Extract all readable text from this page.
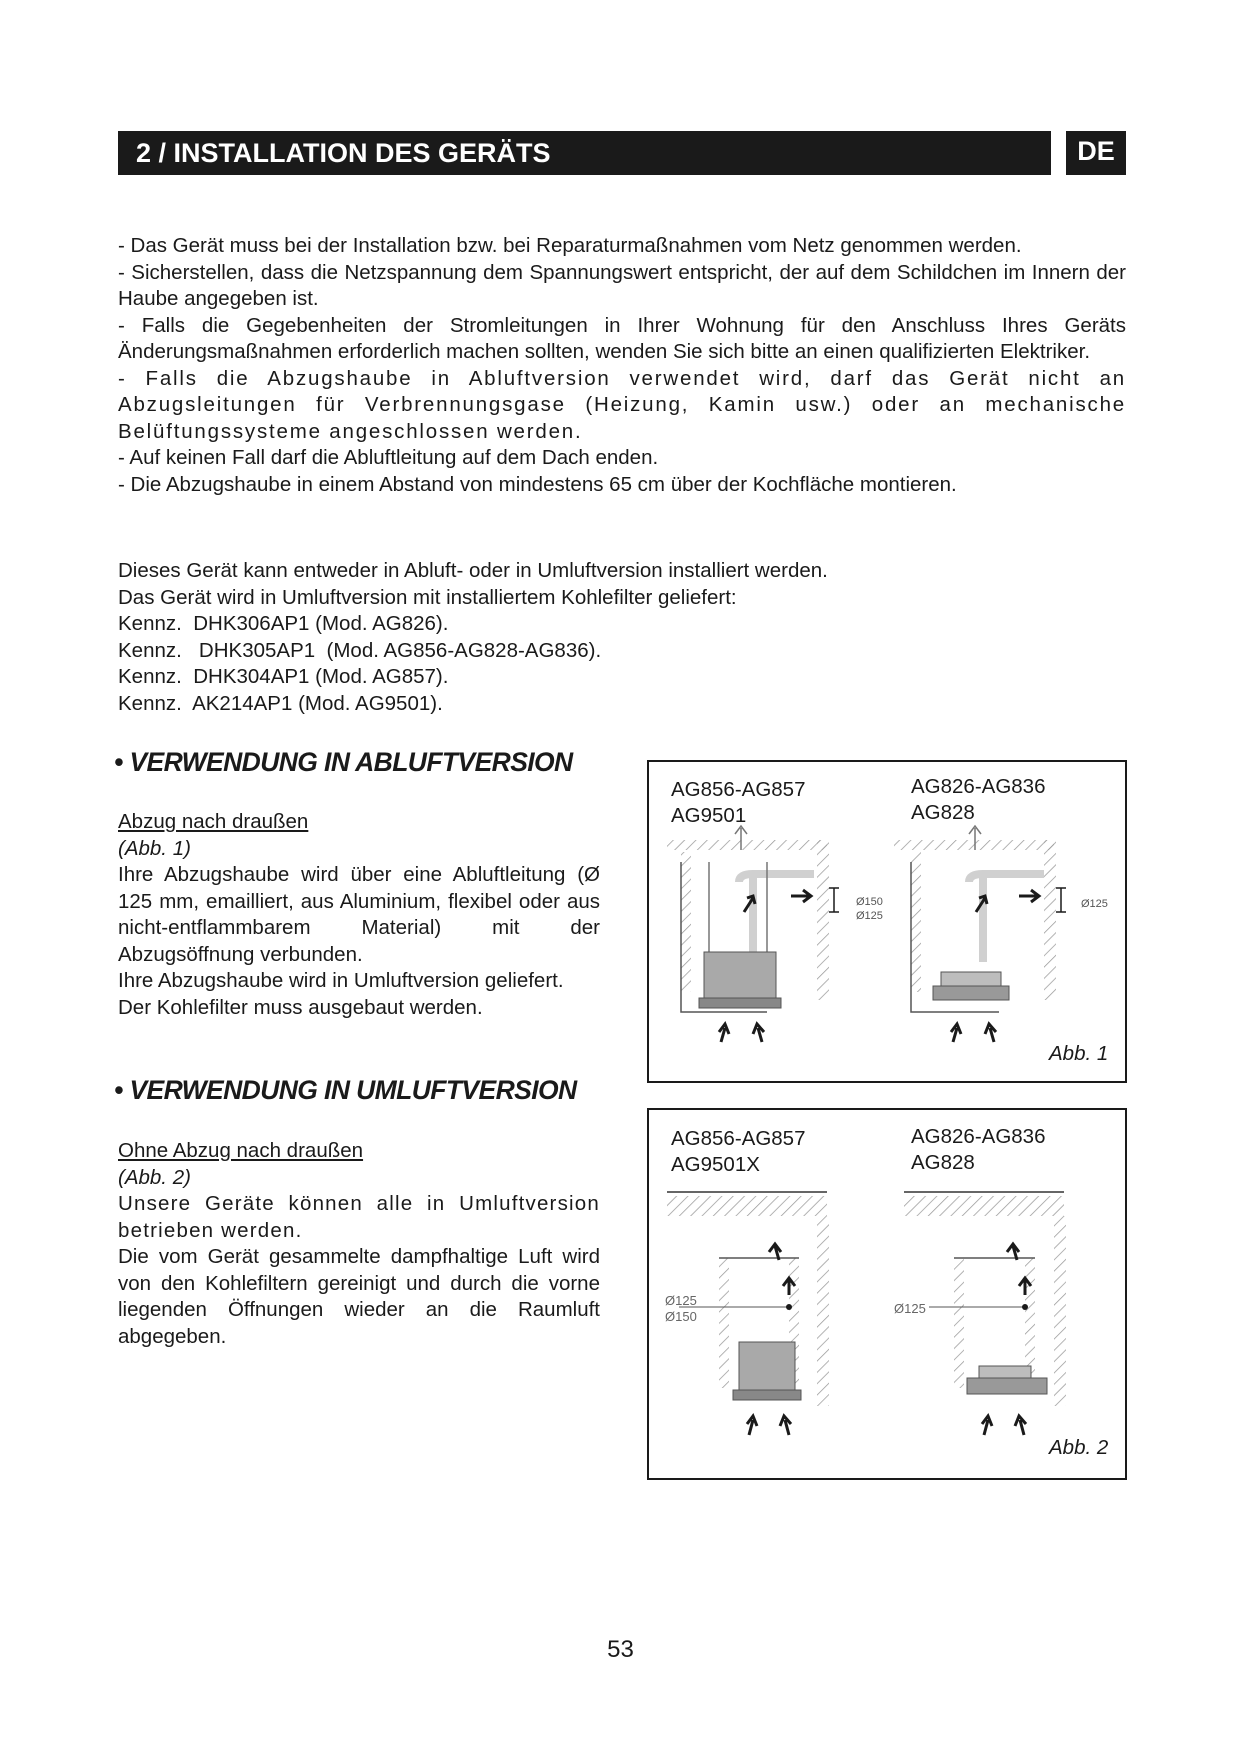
2 / INSTALLATION DES GERÄTS	DE

- Das Gerät muss bei der Installation bzw. bei Reparaturmaßnahmen vom Netz genommen werden.

- Sicherstellen, dass die Netzspannung dem Spannungswert entspricht, der auf dem Schildchen im Innern der Haube angegeben ist.

- Falls die Gegebenheiten der Stromleitungen in Ihrer Wohnung für den Anschluss Ihres Geräts Änderungsmaßnahmen erforderlich machen sollten, wenden Sie sich bitte an einen qualifizierten Elektriker.

- Falls die Abzugshaube in Abluftversion verwendet wird, darf das Gerät nicht an Abzugsleitungen für Verbrennungsgase (Heizung, Kamin usw.) oder an mechanische Belüftungssysteme angeschlossen werden.

- Auf keinen Fall darf die Abluftleitung auf dem Dach enden.

- Die Abzugshaube in einem Abstand von mindestens 65 cm über der Kochfläche montieren.

Dieses Gerät kann entweder in Abluft- oder in Umluftversion installiert werden.

Das Gerät wird in Umluftversion mit installiertem Kohlefilter geliefert:

Kennz.  DHK306AP1 (Mod. AG826).

Kennz.   DHK305AP1  (Mod. AG856-AG828-AG836).

Kennz.  DHK304AP1 (Mod. AG857).

Kennz.  AK214AP1 (Mod. AG9501).

• VERWENDUNG IN ABLUFTVERSION

Abzug nach draußen

(Abb. 1)

Ihre Abzugshaube wird über eine Abluftleitung (Ø 125 mm, emailliert, aus Aluminium, flexibel oder aus nicht-entflammbarem Material) mit der Abzugsöffnung verbunden.

Ihre Abzugshaube wird in Umluftversion geliefert. Der Kohlefilter muss ausgebaut werden.

• VERWENDUNG IN UMLUFTVERSION

Ohne Abzug nach draußen

(Abb. 2)

Unsere Geräte können alle in Umluftversion betrieben werden.

Die vom Gerät gesammelte dampfhaltige Luft wird von den Kohlefiltern gereinigt und durch die vorne liegenden Öffnungen wieder an die Raumluft abgegeben.

AG856-AG857
AG9501
AG826-AG836
AG828
Ø150
Ø125
Ø125
Abb. 1
AG856-AG857
AG9501X
AG826-AG836
AG828
Ø125
Ø150
Ø125
Abb. 2
53
